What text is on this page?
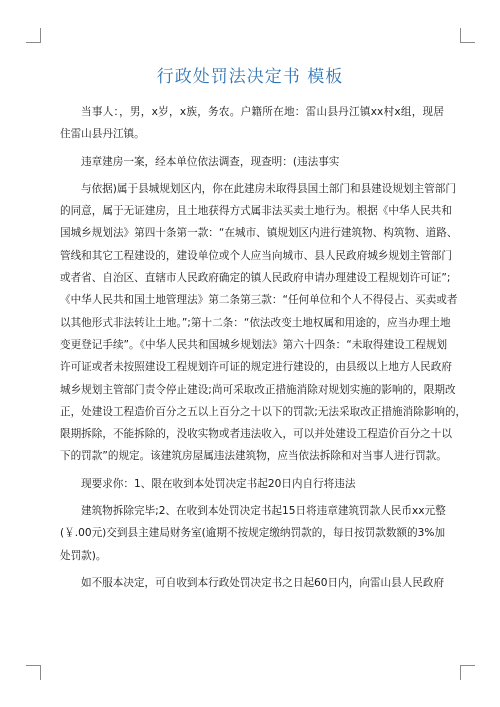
行政处罚法决定书 模板
当事人：，男，x岁，x族，务农。户籍所在地：雷山县丹江镇xx村x组，现居
住雷山县丹江镇。
违章建房一案，经本单位依法调查，现查明：(违法事实
与依据)属于县城规划区内，你在此建房未取得县国土部门和县建设规划主管部门
的同意，属于无证建房，且土地获得方式属非法买卖土地行为。根据《中华人民共和
国城乡规划法》第四十条第一款：“在城市、镇规划区内进行建筑物、构筑物、道路、
管线和其它工程建设的，建设单位或个人应当向城市、县人民政府城乡规划主管部门
或者省、自治区、直辖市人民政府确定的镇人民政府申请办理建设工程规划许可证”;
《中华人民共和国土地管理法》第二条第三款：“任何单位和个人不得侵占、买卖或者
以其他形式非法转让土地。”;第十二条：“依法改变土地权属和用途的，应当办理土地
变更登记手续”。《中华人民共和国城乡规划法》第六十四条：“未取得建设工程规划
许可证或者未按照建设工程规划许可证的规定进行建设的，由县级以上地方人民政府
城乡规划主管部门责令停止建设;尚可采取改正措施消除对规划实施的影响的，限期改
正，处建设工程造价百分之五以上百分之十以下的罚款;无法采取改正措施消除影响的，
限期拆除，不能拆除的，没收实物或者违法收入，可以并处建设工程造价百分之十以
下的罚款”的规定。该建筑房屋属违法建筑物，应当依法拆除和对当事人进行罚款。
现要求你：1、限在收到本处罚决定书起20日内自行将违法
建筑物拆除完毕;2、在收到本处罚决定书起15日将违章建筑罚款人民币xx元整
(￥.00元)交到县主建局财务室(逾期不按规定缴纳罚款的，每日按罚款数额的3%加
处罚款)。
如不服本决定，可自收到本行政处罚决定书之日起60日内，向雷山县人民政府
